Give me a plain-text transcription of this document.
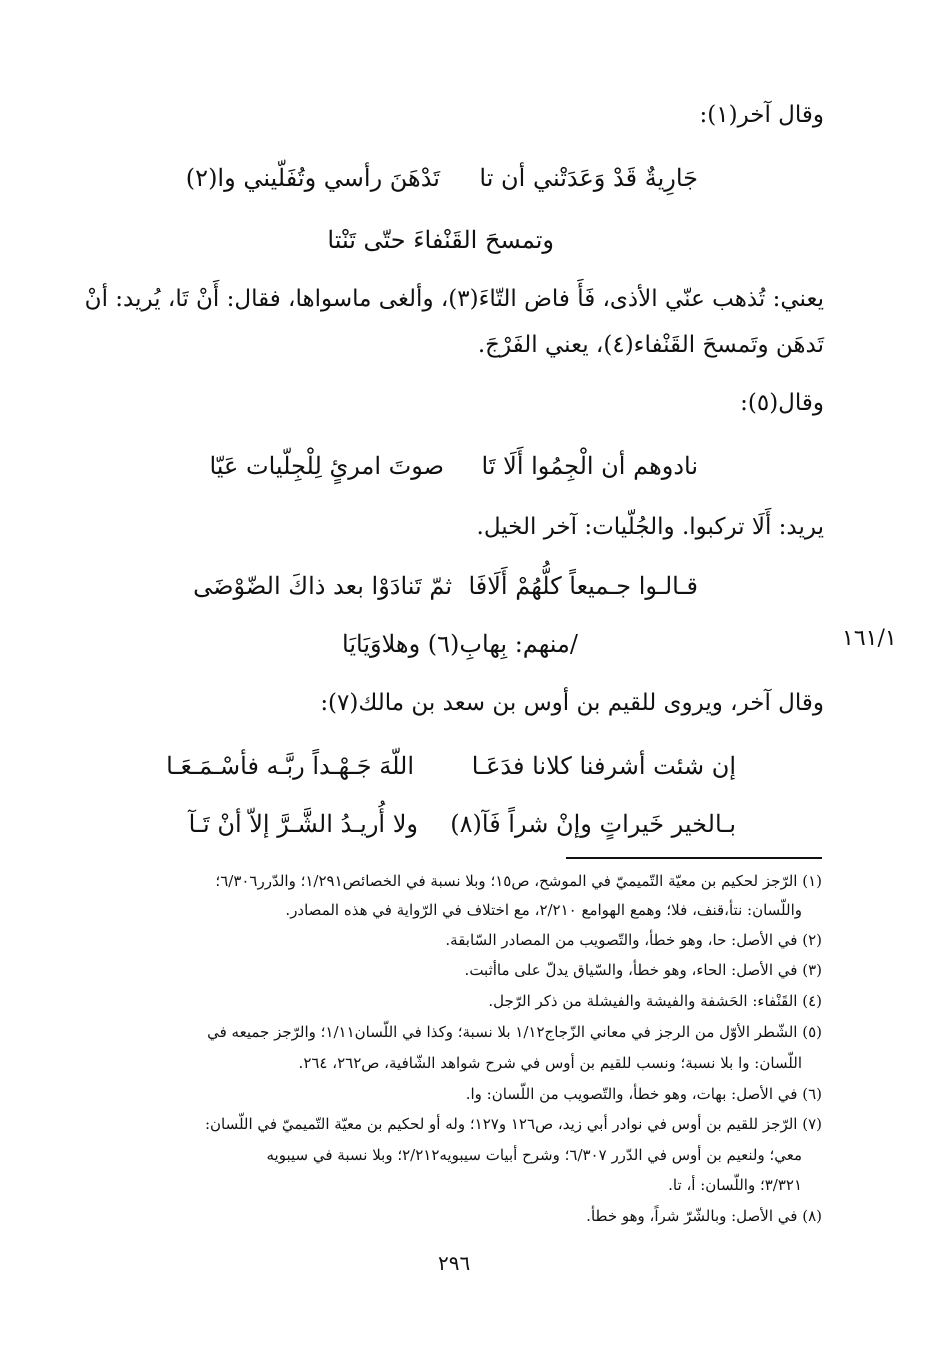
وقال آخر(١):
جَارِيةٌ قَدْ وَعَدَتْني أن تا
تَدْهَنَ رأسي وتُفَلّيني وا(٢)
وتمسحَ القَنْفاءَ حتّى تَنْتا
يعني: تُذهب عنّي الأذى، فَأَ فاض التّاءَ(٣)، وألغى ماسواها، فقال: أَنْ تَا، يُريد: أنْ
تَدهَن وتَمسحَ القَنْفاء(٤)، يعني الفَرْجَ.
وقال(٥):
نادوهم أن الْجِمُوا أَلَا تَا
صوتَ امرئٍ لِلْجِلّيات عَيّا
يريد: أَلَا تركبوا. والجُلّيات: آخر الخيل.
قـالـوا جـميعاً كلُّهُمْ أَلَافَا
ثمّ تَنادَوْا بعد ذاكَ الضّوْضَى
/منهم: بِهابِ(٦) وهلاوَيَايَا	١٦١/١
وقال آخر، ويروى للقيم بن أوس بن سعد بن مالك(٧):
إن شئت أشرفنا كلانا فدَعَـا
اللّهَ جَـهْـداً ربَّـه فأسْـمَـعَـا
بـالخير خَيراتٍ وإنْ شراً فَآ(٨)
ولا أُريـدُ الشَّـرَّ إلاّ أنْ تَـآ
(١) الرّجز لحكيم بن معيّة التّميميّ في الموشح، ص١٥؛ وبلا نسبة في الخصائص١/٢٩١؛ والدّرر٦/٣٠٦؛
واللّسان: نتأ،قنف، فلا؛ وهمع الهوامع ٢/٢١٠، مع اختلاف في الرّواية في هذه المصادر.
(٢) في الأصل: حا، وهو خطأ، والتّصويب من المصادر السّابقة.
(٣) في الأصل: الحاء، وهو خطأ، والسّياق يدلّ على ماأثبت.
(٤) القَنْفاء: الحَشفة والفيشة والفيشلة من ذكر الرّجل.
(٥) الشّطر الأوّل من الرجز في معاني الزّجاج١/١٢ بلا نسبة؛ وكذا في اللّسان١/١١؛ والرّجز جميعه في
اللّسان: وا بلا نسبة؛ ونسب للقيم بن أوس في شرح شواهد الشّافية، ص٢٦٢، ٢٦٤.
(٦) في الأصل: بهات، وهو خطأ، والتّصويب من اللّسان: وا.
(٧) الرّجز للقيم بن أوس في نوادر أبي زيد، ص١٢٦ و١٢٧؛ وله أو لحكيم بن معيّة التّميميّ في اللّسان:
معي؛ ولنعيم بن أوس في الدّرر ٦/٣٠٧؛ وشرح أبيات سيبويه٢/٢١٢؛ وبلا نسبة في سيبويه
٣/٣٢١؛ واللّسان: أ، تا.
(٨) في الأصل: وبالشّرّ شراً، وهو خطأ.
٢٩٦
